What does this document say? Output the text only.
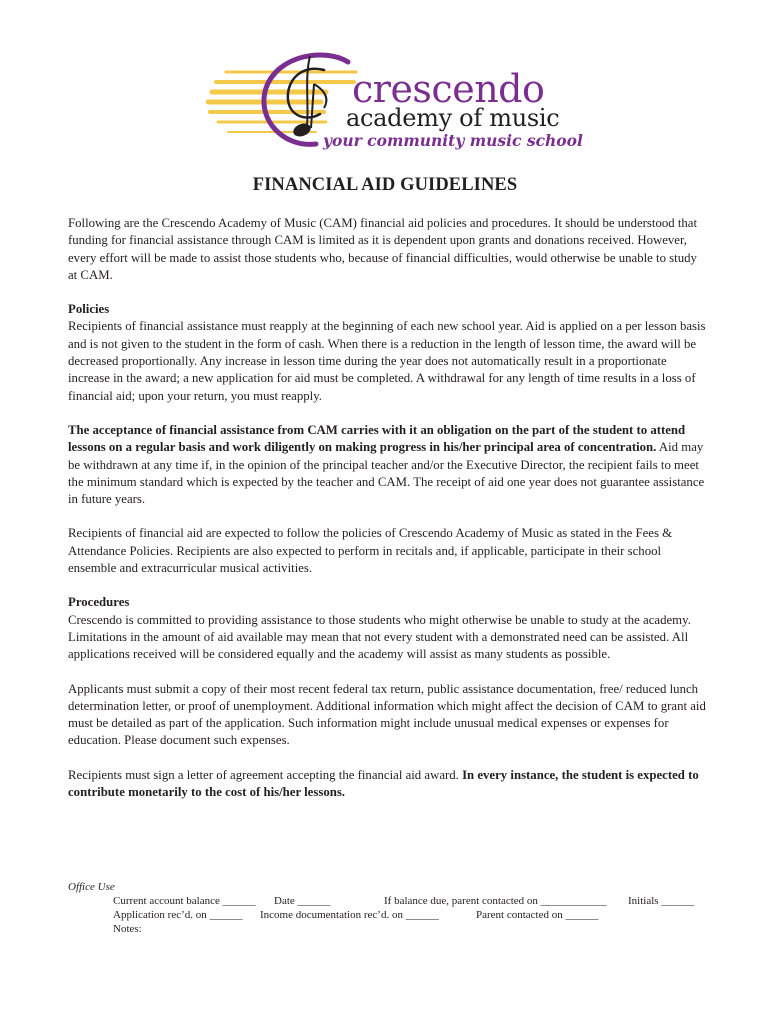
crescendo
academy of music
your community music school
FINANCIAL AID GUIDELINES

Following are the Crescendo Academy of Music (CAM) financial aid policies and procedures. It should be understood that funding for financial assistance through CAM is limited as it is dependent upon grants and donations received. However, every effort will be made to assist those students who, because of financial difficulties, would otherwise be unable to study at CAM.

Policies
Recipients of financial assistance must reapply at the beginning of each new school year. Aid is applied on a per lesson basis and is not given to the student in the form of cash. When there is a reduction in the length of lesson time, the award will be decreased proportionally. Any increase in lesson time during the year does not automatically result in a proportionate increase in the award; a new application for aid must be completed. A withdrawal for any length of time results in a loss of financial aid; upon your return, you must reapply.

The acceptance of financial assistance from CAM carries with it an obligation on the part of the student to attend lessons on a regular basis and work diligently on making progress in his/her principal area of concentration. Aid may be withdrawn at any time if, in the opinion of the principal teacher and/or the Executive Director, the recipient fails to meet the minimum standard which is expected by the teacher and CAM. The receipt of aid one year does not guarantee assistance in future years.

Recipients of financial aid are expected to follow the policies of Crescendo Academy of Music as stated in the Fees & Attendance Policies. Recipients are also expected to perform in recitals and, if applicable, participate in their school ensemble and extracurricular musical activities.

Procedures
Crescendo is committed to providing assistance to those students who might otherwise be unable to study at the academy. Limitations in the amount of aid available may mean that not every student with a demonstrated need can be assisted. All applications received will be considered equally and the academy will assist as many students as possible.

Applicants must submit a copy of their most recent federal tax return, public assistance documentation, free/ reduced lunch determination letter, or proof of unemployment. Additional information which might affect the decision of CAM to grant aid must be detailed as part of the application. Such information might include unusual medical expenses or expenses for education. Please document such expenses.

Recipients must sign a letter of agreement accepting the financial aid award. In every instance, the student is expected to contribute monetarily to the cost of his/her lessons.

Office Use
Current account balance ______ Date ______	If balance due, parent contacted on ____________ Initials ______
Application rec’d. on ______ Income documentation rec’d. on ______	Parent contacted on ______
Notes:
